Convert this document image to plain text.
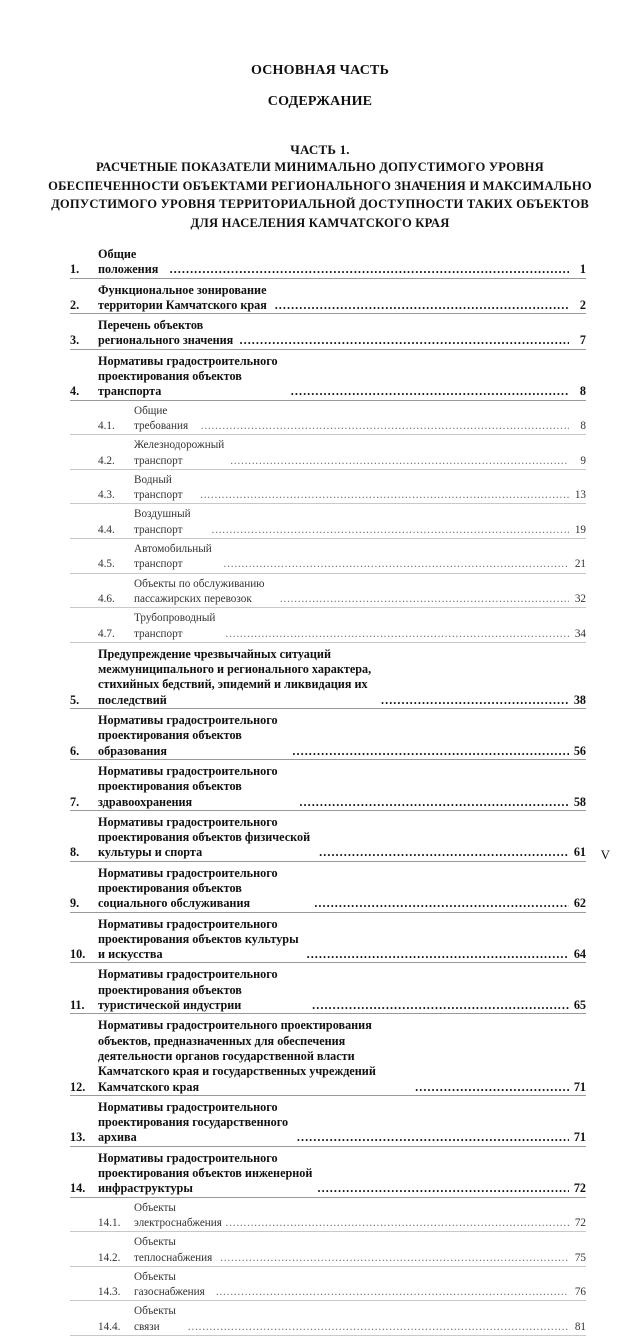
ОСНОВНАЯ ЧАСТЬ
СОДЕРЖАНИЕ
ЧАСТЬ 1.
РАСЧЕТНЫЕ ПОКАЗАТЕЛИ МИНИМАЛЬНО ДОПУСТИМОГО УРОВНЯ ОБЕСПЕЧЕННОСТИ ОБЪЕКТАМИ РЕГИОНАЛЬНОГО ЗНАЧЕНИЯ И МАКСИМАЛЬНО ДОПУСТИМОГО УРОВНЯ ТЕРРИТОРИАЛЬНОЙ ДОСТУПНОСТИ ТАКИХ ОБЪЕКТОВ ДЛЯ НАСЕЛЕНИЯ КАМЧАТСКОГО КРАЯ
1.
Общие положения . . .	1
2.
Функциональное зонирование территории Камчатского края . . .	2
3.
Перечень объектов регионального значения . . .	7
4.
Нормативы градостроительного проектирования объектов транспорта . . .	8
4.1.
Общие требования . . .	8
4.2.
Железнодорожный транспорт . . .	9
4.3.
Водный транспорт . . .	13
4.4.
Воздушный транспорт . . .	19
4.5.
Автомобильный транспорт . . .	21
4.6.
Объекты по обслуживанию пассажирских перевозок . . .	32
4.7.
Трубопроводный транспорт . . .	34
5.
Предупреждение чрезвычайных ситуаций межмуниципального и регионального характера, стихийных бедствий, эпидемий и ликвидация их последствий . . .	38
6.
Нормативы градостроительного проектирования объектов образования . . .	56
7.
Нормативы градостроительного проектирования объектов здравоохранения . . .	58
8.
Нормативы градостроительного проектирования объектов физической культуры и спорта . . .	61
9.
Нормативы градостроительного проектирования объектов социального обслуживания . . .	62
10.
Нормативы градостроительного проектирования объектов культуры и искусства . . .	64
11.
Нормативы градостроительного проектирования объектов туристической индустрии . . .	65
12.
Нормативы градостроительного проектирования объектов, предназначенных для обеспечения деятельности органов государственной власти Камчатского края и государственных учреждений Камчатского края . . .	71
13.
Нормативы градостроительного проектирования государственного архива . . .	71
14.
Нормативы градостроительного проектирования объектов инженерной инфраструктуры . . .	72
14.1.
Объекты электроснабжения . . .	72
14.2.
Объекты теплоснабжения . . .	75
14.3.
Объекты газоснабжения . . .	76
14.4.
Объекты связи . . .	81
V
